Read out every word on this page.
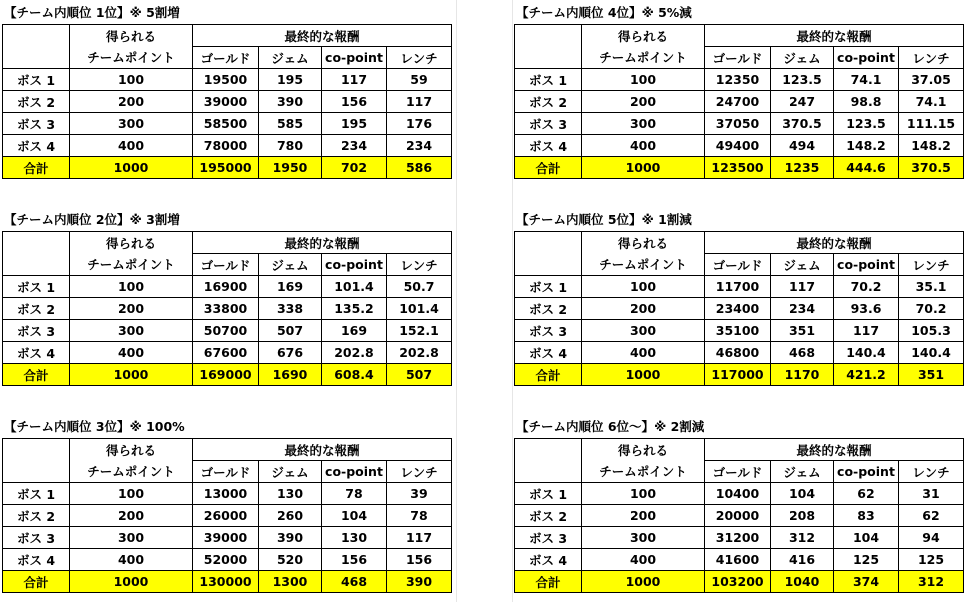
【チーム内順位 1位】※ 5割増
	得られる	最終的な報酬			
	チームポイント	ゴールド	ジェム	co-point	レンチ
ボス 1	100	19500	195	117	59
ボス 2	200	39000	390	156	117
ボス 3	300	58500	585	195	176
ボス 4	400	78000	780	234	234
合計	1000	195000	1950	702	586
【チーム内順位 4位】※ 5%減
	得られる	最終的な報酬			
	チームポイント	ゴールド	ジェム	co-point	レンチ
ボス 1	100	12350	123.5	74.1	37.05
ボス 2	200	24700	247	98.8	74.1
ボス 3	300	37050	370.5	123.5	111.15
ボス 4	400	49400	494	148.2	148.2
合計	1000	123500	1235	444.6	370.5
【チーム内順位 2位】※ 3割増
	得られる	最終的な報酬			
	チームポイント	ゴールド	ジェム	co-point	レンチ
ボス 1	100	16900	169	101.4	50.7
ボス 2	200	33800	338	135.2	101.4
ボス 3	300	50700	507	169	152.1
ボス 4	400	67600	676	202.8	202.8
合計	1000	169000	1690	608.4	507
【チーム内順位 5位】※ 1割減
	得られる	最終的な報酬			
	チームポイント	ゴールド	ジェム	co-point	レンチ
ボス 1	100	11700	117	70.2	35.1
ボス 2	200	23400	234	93.6	70.2
ボス 3	300	35100	351	117	105.3
ボス 4	400	46800	468	140.4	140.4
合計	1000	117000	1170	421.2	351
【チーム内順位 3位】※ 100%
	得られる	最終的な報酬			
	チームポイント	ゴールド	ジェム	co-point	レンチ
ボス 1	100	13000	130	78	39
ボス 2	200	26000	260	104	78
ボス 3	300	39000	390	130	117
ボス 4	400	52000	520	156	156
合計	1000	130000	1300	468	390
【チーム内順位 6位～】※ 2割減
	得られる	最終的な報酬			
	チームポイント	ゴールド	ジェム	co-point	レンチ
ボス 1	100	10400	104	62	31
ボス 2	200	20000	208	83	62
ボス 3	300	31200	312	104	94
ボス 4	400	41600	416	125	125
合計	1000	103200	1040	374	312
